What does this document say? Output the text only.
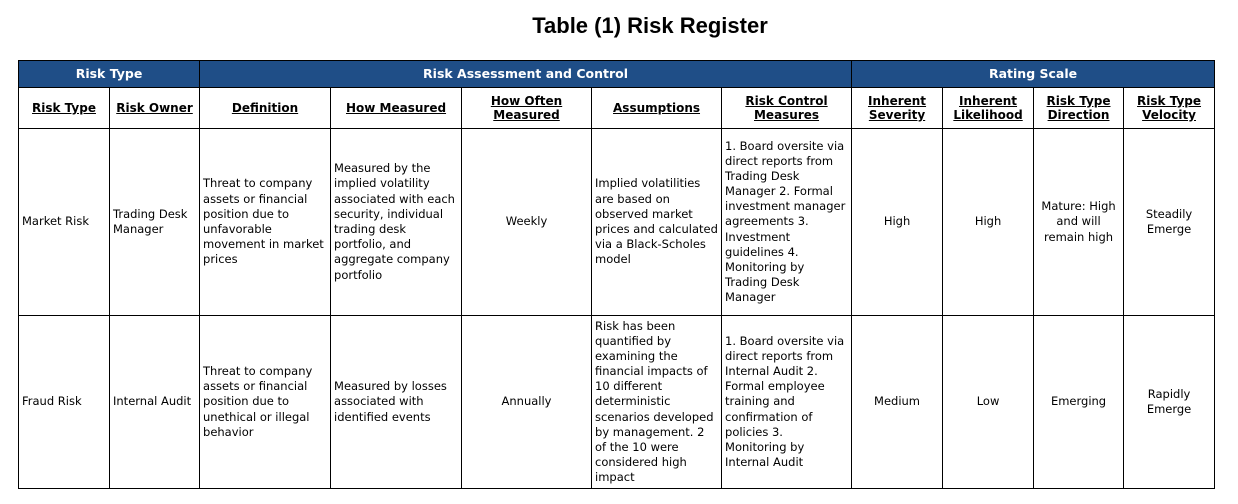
Table (1) Risk Register
Risk Type		Risk Assessment and Control					Rating Scale			
Risk Type	Risk Owner	Definition	How Measured	How Often Measured	Assumptions	Risk Control Measures	Inherent Severity	Inherent Likelihood	Risk Type Direction	Risk Type Velocity
Market Risk	Trading Desk Manager	Threat to company assets or financial position due to unfavorable movement in market prices	Measured by the implied volatility associated with each security, individual trading desk portfolio, and aggregate company portfolio	Weekly	Implied volatilities are based on observed market prices and calculated via a Black-Scholes model	1. Board oversite via direct reports from Trading Desk Manager 2. Formal investment manager agreements 3. Investment guidelines 4. Monitoring by Trading Desk Manager	High	High	Mature: High and will remain high	Steadily Emerge
Fraud Risk	Internal Audit	Threat to company assets or financial position due to unethical or illegal behavior	Measured by losses associated with identified events	Annually	Risk has been quantified by examining the financial impacts of 10 different deterministic scenarios developed by management. 2 of the 10 were considered high impact	1. Board oversite via direct reports from Internal Audit 2. Formal employee training and confirmation of policies 3. Monitoring by Internal Audit	Medium	Low	Emerging	Rapidly Emerge
